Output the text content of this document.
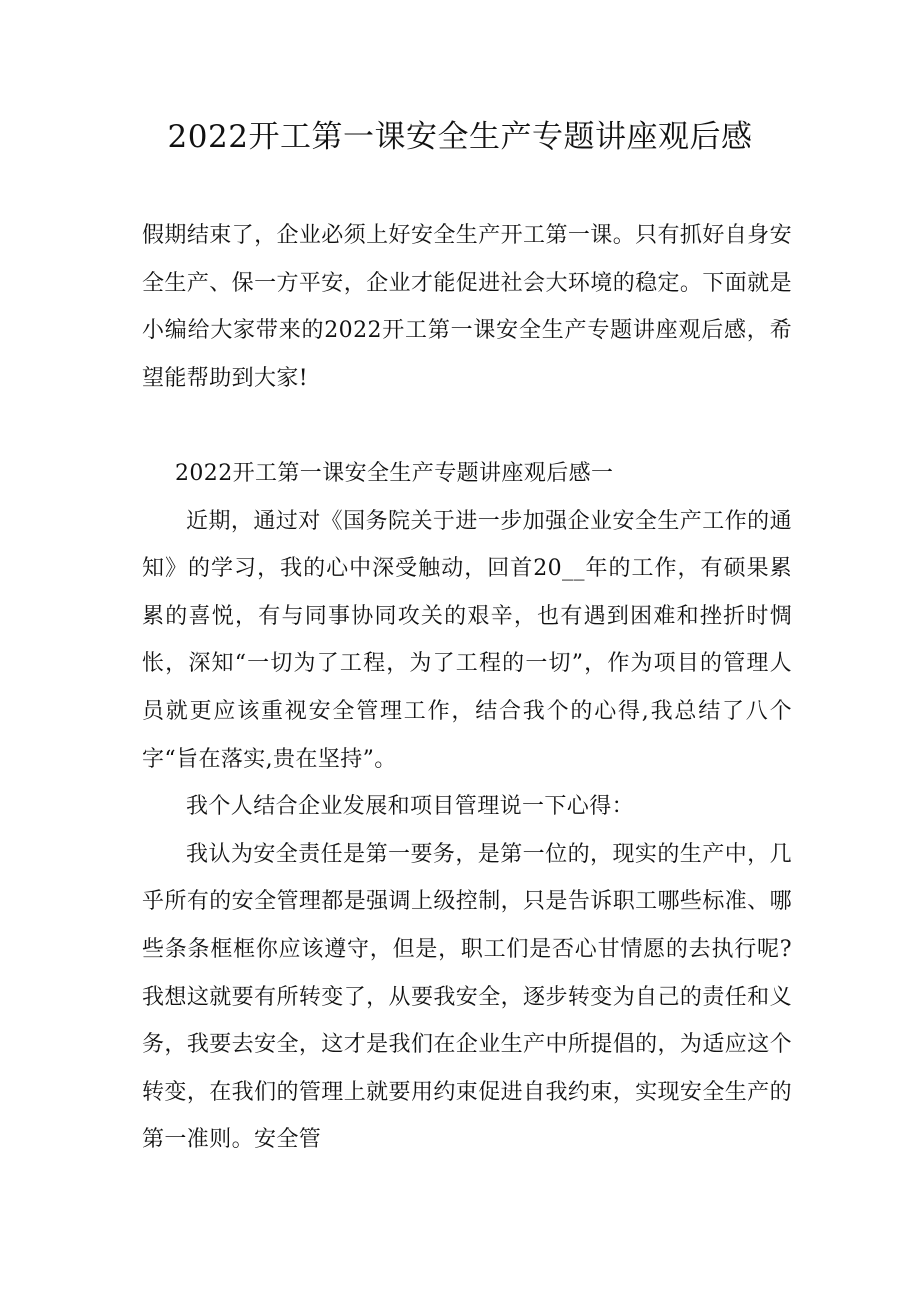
2022开工第一课安全生产专题讲座观后感
假期结束了，企业必须上好安全生产开工第一课。只有抓好自身安全生产、保一方平安，企业才能促进社会大环境的稳定。下面就是小编给大家带来的2022开工第一课安全生产专题讲座观后感，希望能帮助到大家!

2022开工第一课安全生产专题讲座观后感一

近期，通过对《国务院关于进一步加强企业安全生产工作的通知》的学习，我的心中深受触动，回首20__年的工作，有硕果累累的喜悦，有与同事协同攻关的艰辛，也有遇到困难和挫折时惆怅，深知“一切为了工程，为了工程的一切”，作为项目的管理人员就更应该重视安全管理工作，结合我个的心得,我总结了八个字“旨在落实,贵在坚持”。

我个人结合企业发展和项目管理说一下心得：

我认为安全责任是第一要务，是第一位的，现实的生产中，几乎所有的安全管理都是强调上级控制，只是告诉职工哪些标准、哪些条条框框你应该遵守，但是，职工们是否心甘情愿的去执行呢?我想这就要有所转变了，从要我安全，逐步转变为自己的责任和义务，我要去安全，这才是我们在企业生产中所提倡的，为适应这个转变，在我们的管理上就要用约束促进自我约束，实现安全生产的第一准则。安全管
